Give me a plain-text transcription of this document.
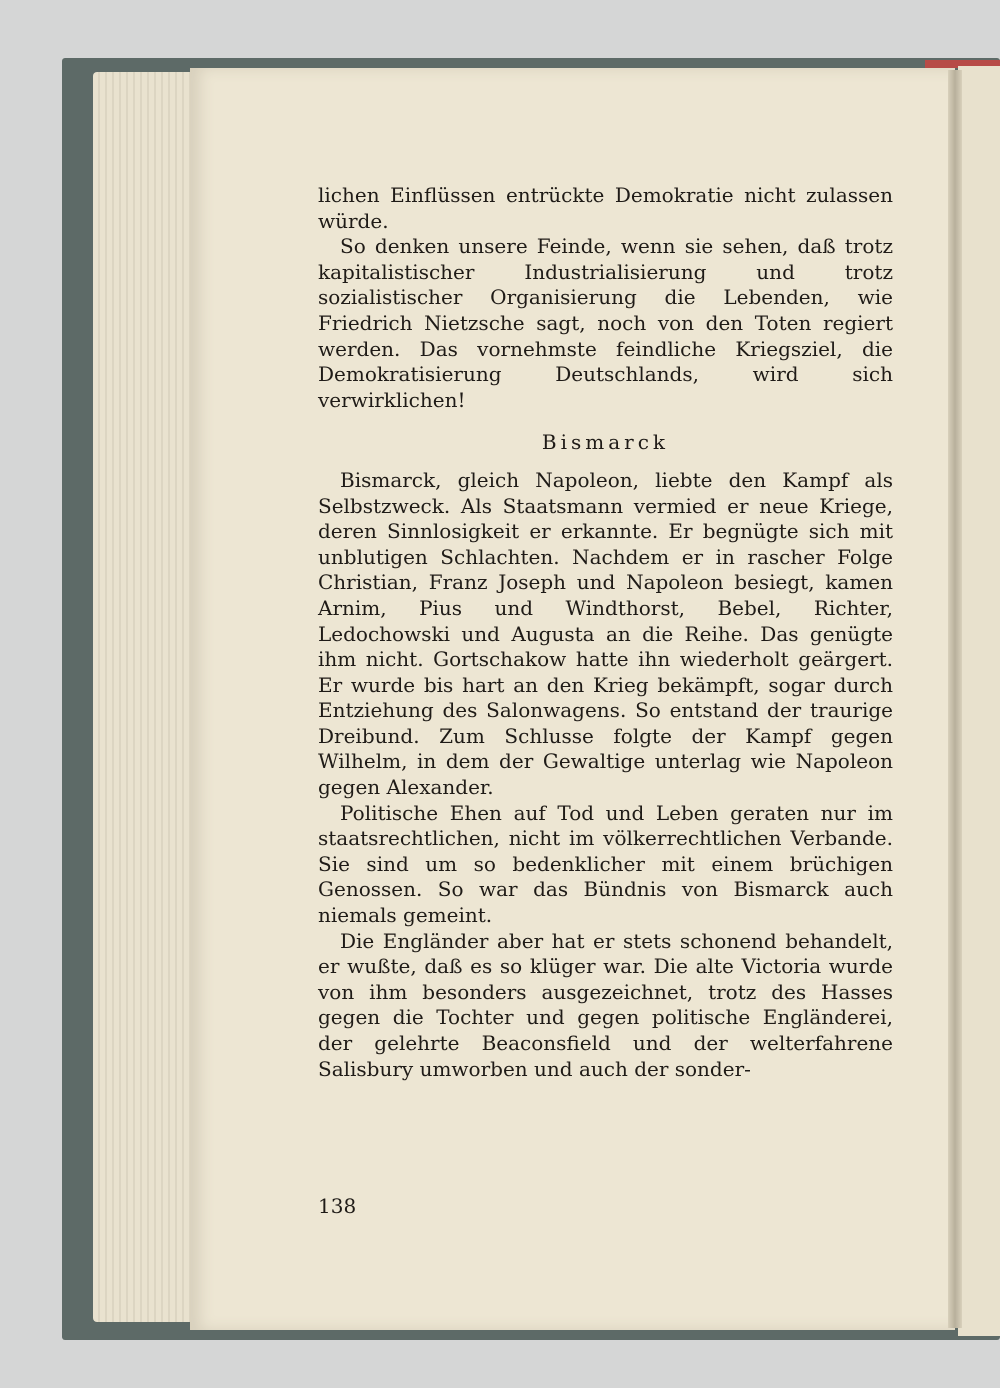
lichen Einflüssen entrückte Demokratie nicht zulassen würde.

So denken unsere Feinde, wenn sie sehen, daß trotz kapitalistischer Industrialisierung und trotz sozialistischer Organisierung die Lebenden, wie Friedrich Nietzsche sagt, noch von den Toten regiert werden. Das vornehmste feindliche Kriegsziel, die Demokratisierung Deutschlands, wird sich verwirklichen!

Bismarck

Bismarck, gleich Napoleon, liebte den Kampf als Selbstzweck. Als Staatsmann vermied er neue Kriege, deren Sinnlosigkeit er erkannte. Er begnügte sich mit unblutigen Schlachten. Nachdem er in rascher Folge Christian, Franz Joseph und Napoleon besiegt, kamen Arnim, Pius und Windthorst, Bebel, Richter, Ledochowski und Augusta an die Reihe. Das genügte ihm nicht. Gortschakow hatte ihn wiederholt geärgert. Er wurde bis hart an den Krieg bekämpft, sogar durch Entziehung des Salonwagens. So entstand der traurige Dreibund. Zum Schlusse folgte der Kampf gegen Wilhelm, in dem der Gewaltige unterlag wie Napoleon gegen Alexander.

Politische Ehen auf Tod und Leben geraten nur im staatsrechtlichen, nicht im völkerrechtlichen Verbande. Sie sind um so bedenklicher mit einem brüchigen Genossen. So war das Bündnis von Bismarck auch niemals gemeint.

Die Engländer aber hat er stets schonend behandelt, er wußte, daß es so klüger war. Die alte Victoria wurde von ihm besonders ausgezeichnet, trotz des Hasses gegen die Tochter und gegen politische Engländerei, der gelehrte Beaconsfield und der welterfahrene Salisbury umworben und auch der sonder-

138
